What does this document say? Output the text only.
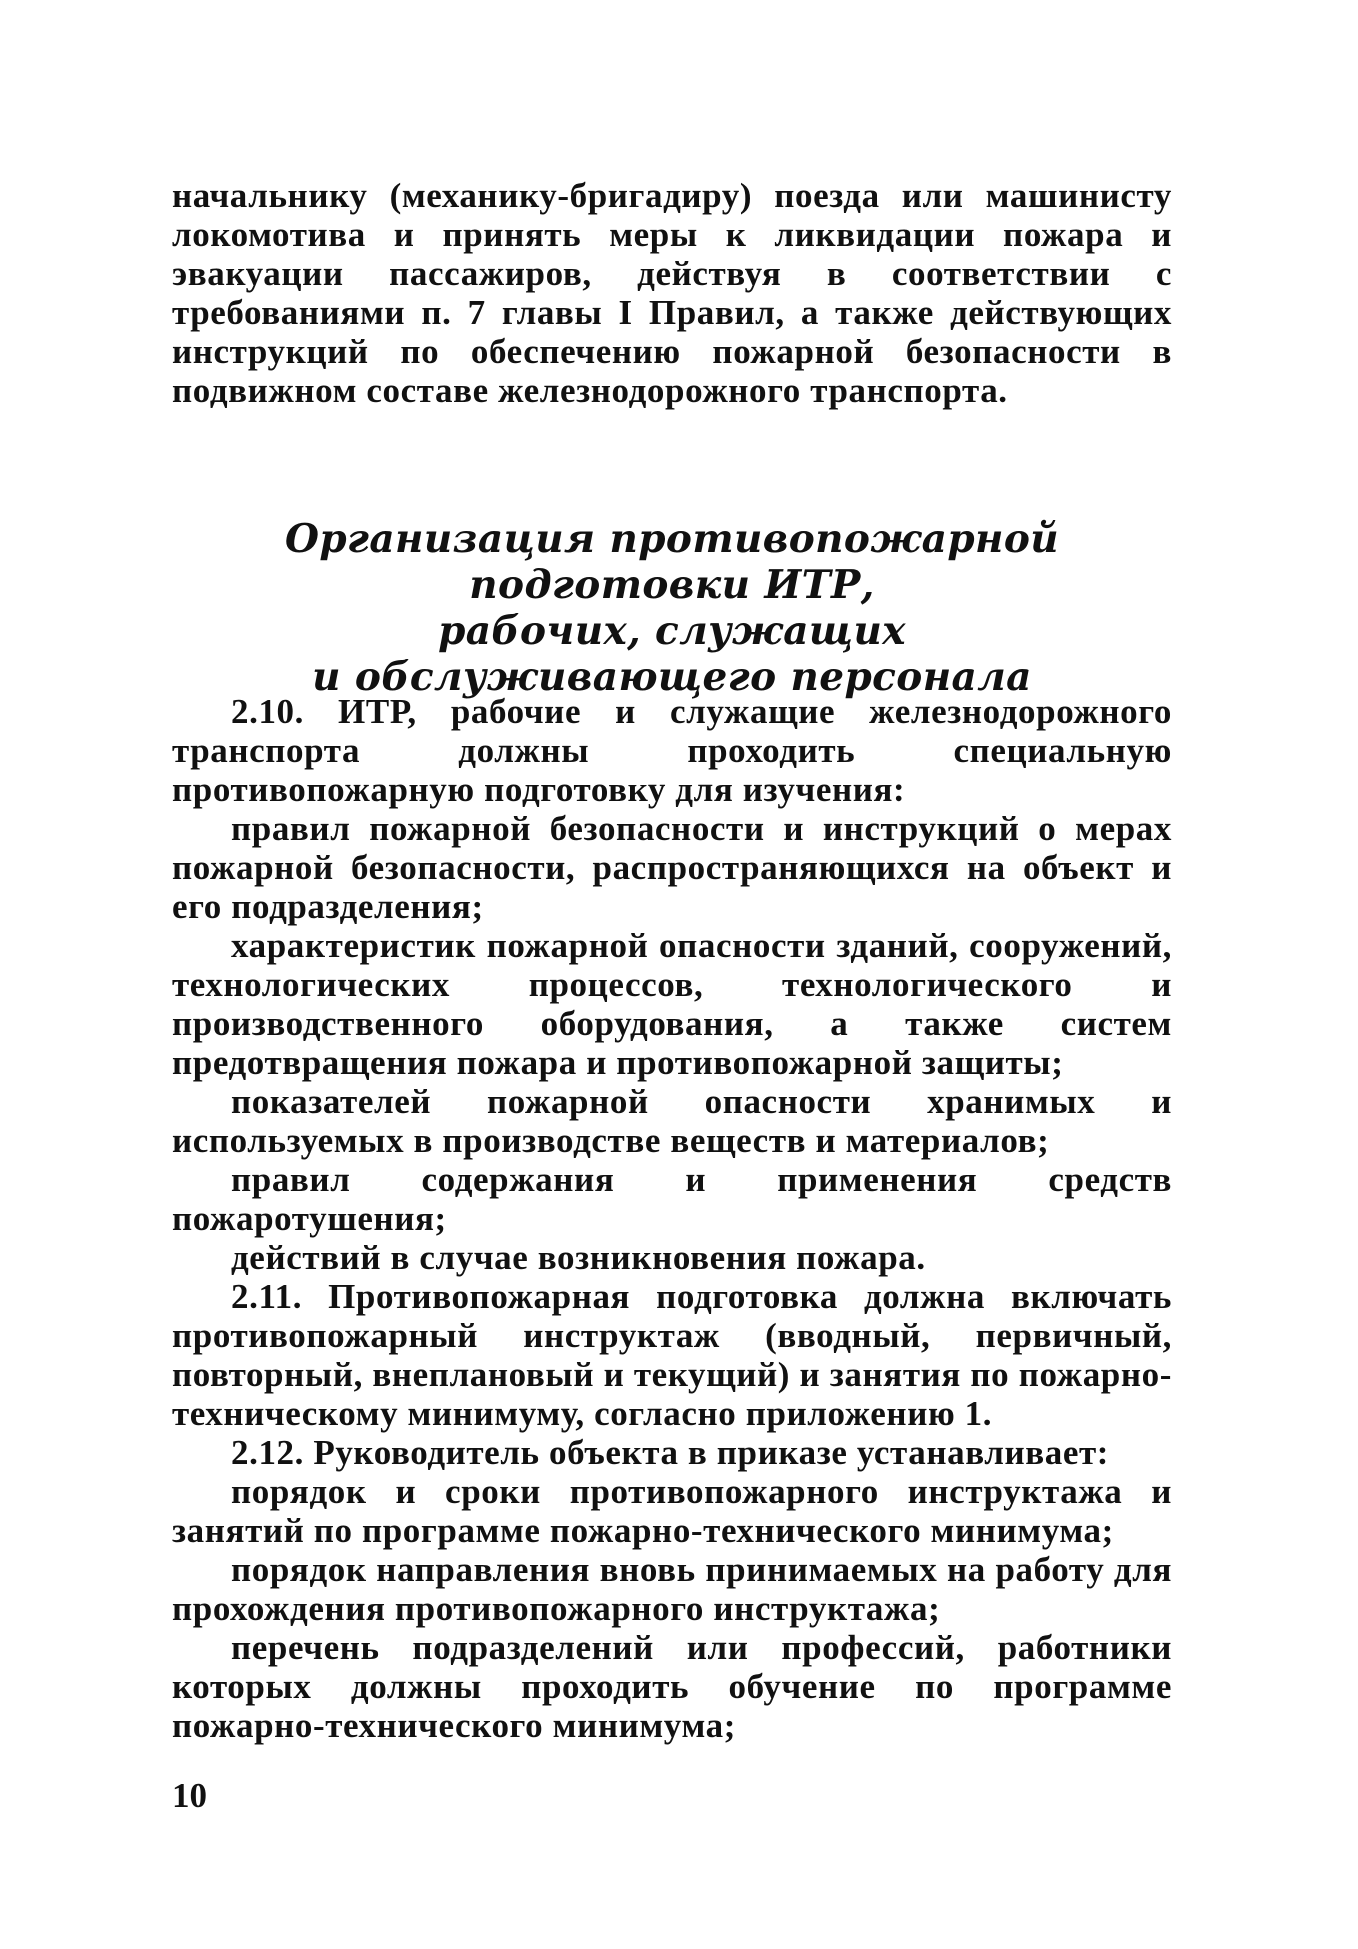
начальнику (механику-бригадиру) поезда или машинисту локомотива и принять меры к ликвидации пожара и эвакуации пассажиров, действуя в соответствии с требованиями п. 7 главы I Правил, а также действующих инструкций по обеспечению пожарной безопасности в подвижном составе железнодорожного транспорта.

Организация противопожарной подготовки ИТР,
рабочих, служащих
и обслуживающего персонала

2.10. ИТР, рабочие и служащие железнодорожного транспорта должны проходить специальную противопожарную подготовку для изучения:

правил пожарной безопасности и инструкций о мерах пожарной безопасности, распространяющихся на объект и его подразделения;

характеристик пожарной опасности зданий, сооружений, технологических процессов, технологического и производственного оборудования, а также систем предотвращения пожара и противопожарной защиты;

показателей пожарной опасности хранимых и используемых в производстве веществ и материалов;

правил содержания и применения средств пожаротушения;

действий в случае возникновения пожара.

2.11. Противопожарная подготовка должна включать противопожарный инструктаж (вводный, первичный, повторный, внеплановый и текущий) и занятия по пожарно-техническому минимуму, согласно приложению 1.

2.12. Руководитель объекта в приказе устанавливает:

порядок и сроки противопожарного инструктажа и занятий по программе пожарно-технического минимума;

порядок направления вновь принимаемых на работу для прохождения противопожарного инструктажа;

перечень подразделений или профессий, работники которых должны проходить обучение по программе пожарно-технического минимума;

10
